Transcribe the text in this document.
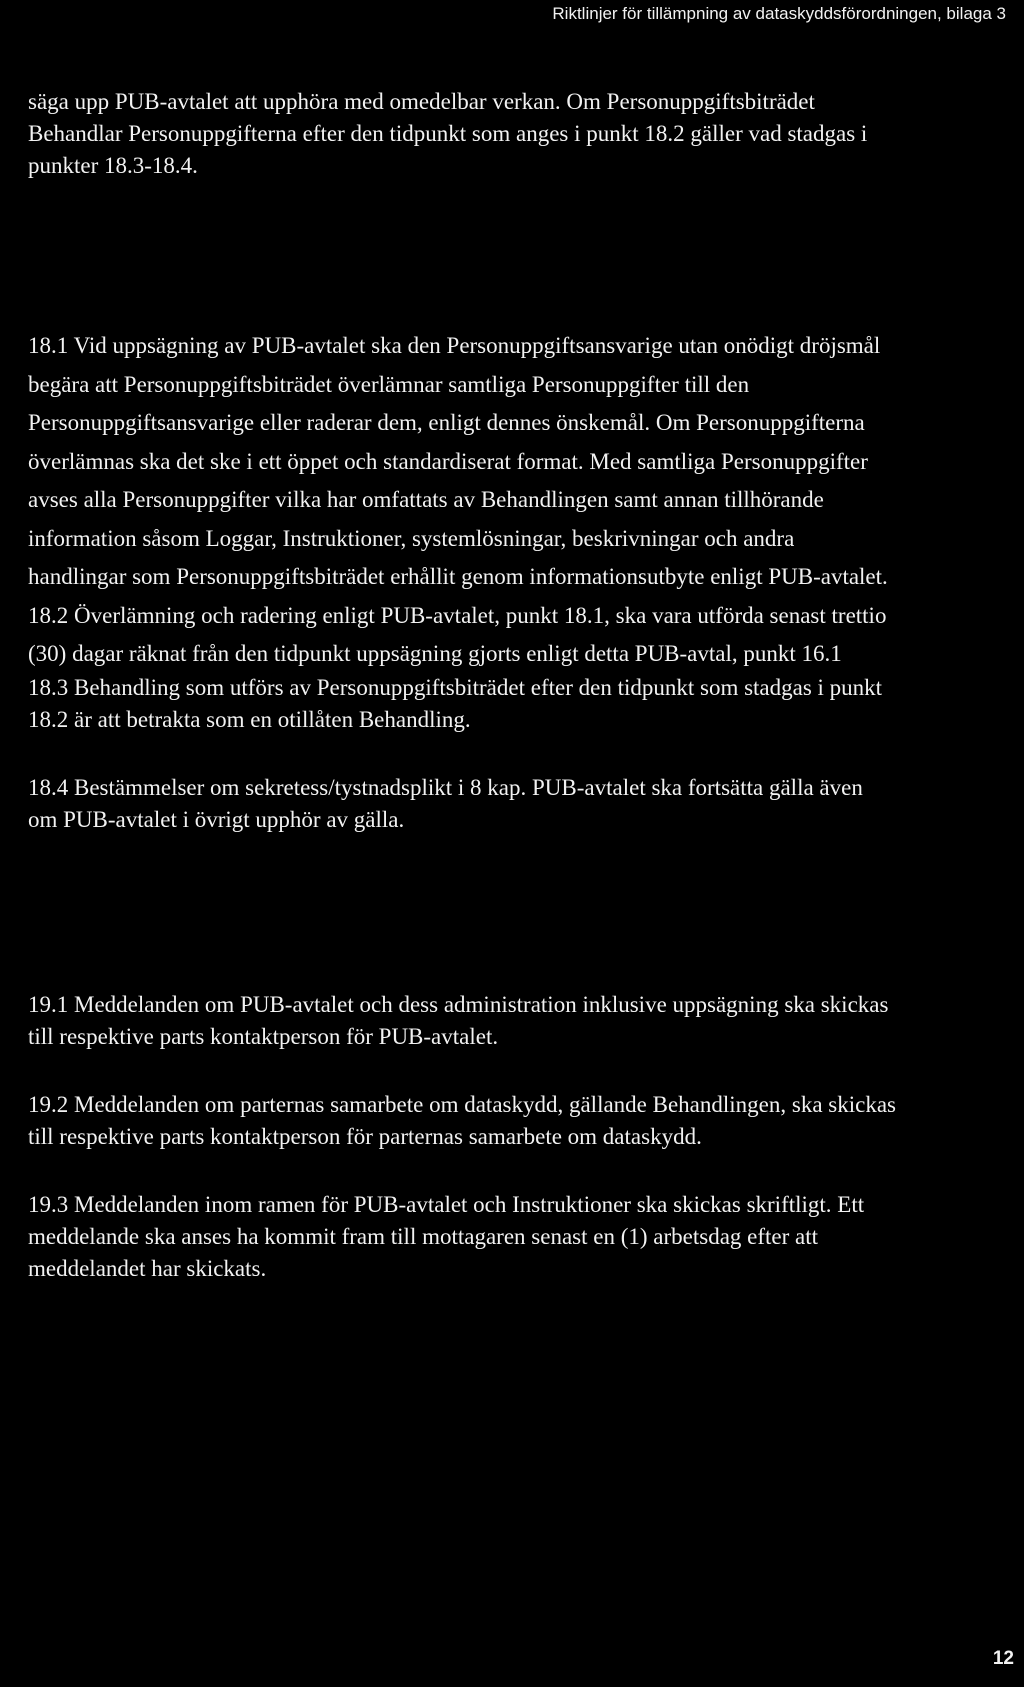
Riktlinjer för tillämpning av dataskyddsförordningen, bilaga 3
säga upp PUB-avtalet att upphöra med omedelbar verkan. Om Personuppgiftsbiträdet
Behandlar Personuppgifterna efter den tidpunkt som anges i punkt 18.2 gäller vad stadgas i
punkter 18.3-18.4.
18.1 Vid uppsägning av PUB-avtalet ska den Personuppgiftsansvarige utan onödigt dröjsmål
begära att Personuppgiftsbiträdet överlämnar samtliga Personuppgifter till den
Personuppgiftsansvarige eller raderar dem, enligt dennes önskemål. Om Personuppgifterna
överlämnas ska det ske i ett öppet och standardiserat format. Med samtliga Personuppgifter
avses alla Personuppgifter vilka har omfattats av Behandlingen samt annan tillhörande
information såsom Loggar, Instruktioner, systemlösningar, beskrivningar och andra
handlingar som Personuppgiftsbiträdet erhållit genom informationsutbyte enligt PUB-avtalet.
18.2 Överlämning och radering enligt PUB-avtalet, punkt 18.1, ska vara utförda senast trettio
(30) dagar räknat från den tidpunkt uppsägning gjorts enligt detta PUB-avtal, punkt 16.1
18.3 Behandling som utförs av Personuppgiftsbiträdet efter den tidpunkt som stadgas i punkt
18.2 är att betrakta som en otillåten Behandling.
18.4 Bestämmelser om sekretess/tystnadsplikt i 8 kap. PUB-avtalet ska fortsätta gälla även
om PUB-avtalet i övrigt upphör av gälla.
19.1 Meddelanden om PUB-avtalet och dess administration inklusive uppsägning ska skickas
till respektive parts kontaktperson för PUB-avtalet.
19.2 Meddelanden om parternas samarbete om dataskydd, gällande Behandlingen, ska skickas
till respektive parts kontaktperson för parternas samarbete om dataskydd.
19.3 Meddelanden inom ramen för PUB-avtalet och Instruktioner ska skickas skriftligt. Ett
meddelande ska anses ha kommit fram till mottagaren senast en (1) arbetsdag efter att
meddelandet har skickats.
12
